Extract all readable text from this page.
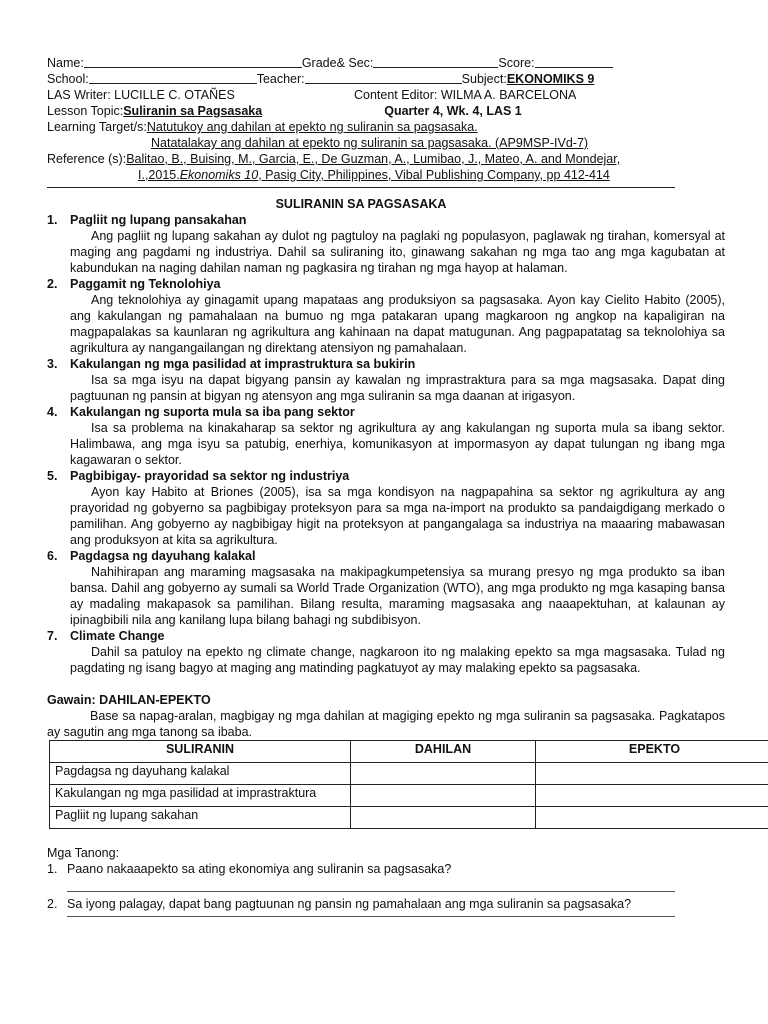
Name:	Grade& Sec:	Score:
School:	Teacher:	Subject: EKONOMIKS 9
LAS Writer: LUCILLE C. OTAÑES	Content Editor: WILMA A. BARCELONA
Lesson Topic: Suliranin sa Pagsasaka	Quarter 4, Wk. 4, LAS 1
Learning Target/s: Natutukoy ang dahilan at epekto ng suliranin sa pagsasaka.
Natatalakay ang dahilan at epekto ng suliranin sa pagsasaka. (AP9MSP-IVd-7)
Reference (s): Balitao, B., Buising, M., Garcia, E., De Guzman, A., Lumibao, J., Mateo, A. and Mondejar,
I.,2015. Ekonomiks 10 , Pasig City, Philippines, Vibal Publishing Company, pp 412-414
SULIRANIN SA PAGSASAKA
1.	Pagliit ng lupang pansakahan

Ang pagliit ng lupang sakahan ay dulot ng pagtuloy na paglaki ng populasyon, paglawak ng tirahan, komersyal at maging ang pagdami ng industriya. Dahil sa suliraning ito, ginawang sakahan ng mga tao ang mga kagubatan at kabundukan na naging dahilan naman ng pagkasira ng tirahan ng mga hayop at halaman.

2.	Paggamit ng Teknolohiya

Ang teknolohiya ay ginagamit upang mapataas ang produksiyon sa pagsasaka. Ayon kay Cielito Habito (2005), ang kakulangan ng pamahalaan na bumuo ng mga patakaran upang magkaroon ng angkop na kapaligiran na magpapalakas sa kaunlaran ng agrikultura ang kahinaan na dapat matugunan. Ang pagpapatatag sa teknolohiya sa agrikultura ay nangangailangan ng direktang atensiyon ng pamahalaan.

3.	Kakulangan ng mga pasilidad at imprastruktura sa bukirin

Isa sa mga isyu na dapat bigyang pansin ay kawalan ng imprastraktura para sa mga magsasaka. Dapat ding pagtuunan ng pansin at bigyan ng atensyon ang mga suliranin sa mga daanan at irigasyon.

4.	Kakulangan ng suporta mula sa iba pang sektor

Isa sa problema na kinakaharap sa sektor ng agrikultura ay ang kakulangan ng suporta mula sa ibang sektor. Halimbawa, ang mga isyu sa patubig, enerhiya, komunikasyon at impormasyon ay dapat tulungan ng ibang mga kagawaran o sektor.

5.	Pagbibigay- prayoridad sa sektor ng industriya

Ayon kay Habito at Briones (2005), isa sa mga kondisyon na nagpapahina sa sektor ng agrikultura ay ang prayoridad ng gobyerno sa pagbibigay proteksyon para sa mga na-import na produkto sa pandaigdigang merkado o pamilihan. Ang gobyerno ay nagbibigay higit na proteksyon at pangangalaga sa industriya na maaaring mabawasan ang produksyon at kita sa agrikultura.

6.	Pagdagsa ng dayuhang kalakal

Nahihirapan ang maraming magsasaka na makipagkumpetensiya sa murang presyo ng mga produkto sa iban bansa. Dahil ang gobyerno ay sumali sa World Trade Organization (WTO), ang mga produkto ng mga kasaping bansa ay madaling makapasok sa pamilihan. Bilang resulta, maraming magsasaka ang naaapektuhan, at kalaunan ay ipinagbibili nila ang kanilang lupa bilang bahagi ng subdibisyon.

7.	Climate Change

Dahil sa patuloy na epekto ng climate change, nagkaroon ito ng malaking epekto sa mga magsasaka. Tulad ng pagdating ng isang bagyo at maging ang matinding pagkatuyot ay may malaking epekto sa pagsasaka.

Gawain: DAHILAN-EPEKTO

Base sa napag-aralan, magbigay ng mga dahilan at magiging epekto ng mga suliranin sa pagsasaka. Pagkatapos ay sagutin ang mga tanong sa ibaba.

SULIRANIN	DAHILAN	EPEKTO
Pagdagsa ng dayuhang kalakal		
Kakulangan ng mga pasilidad at imprastraktura		
Pagliit ng lupang sakahan		
Mga Tanong:
1. Paano nakaaapekto sa ating ekonomiya ang suliranin sa pagsasaka?
2. Sa iyong palagay, dapat bang pagtuunan ng pansin ng pamahalaan ang mga suliranin sa pagsasaka?
